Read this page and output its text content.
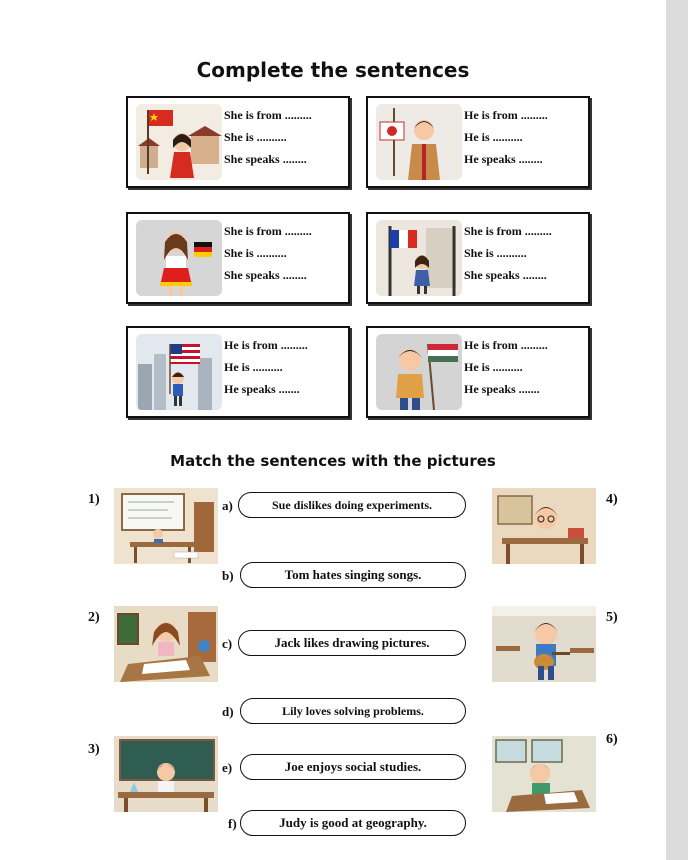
Complete the sentences
She is from .........
She is ..........
She speaks ........
He is from .........
He is ..........
He speaks ........
She is from .........
She is ..........
She speaks ........
She is from .........
She is ..........
She speaks ........
He is from .........
He is ..........
He speaks .......
He is from .........
He is ..........
He speaks .......
Match the sentences with the pictures
1)
2)
3)
4)
5)
6)
a)	Sue dislikes doing experiments.
b)	Tom hates singing songs.
c)	Jack likes drawing pictures.
d)	Lily loves solving problems.
e)	Joe enjoys social studies.
f)	Judy is good at geography.
